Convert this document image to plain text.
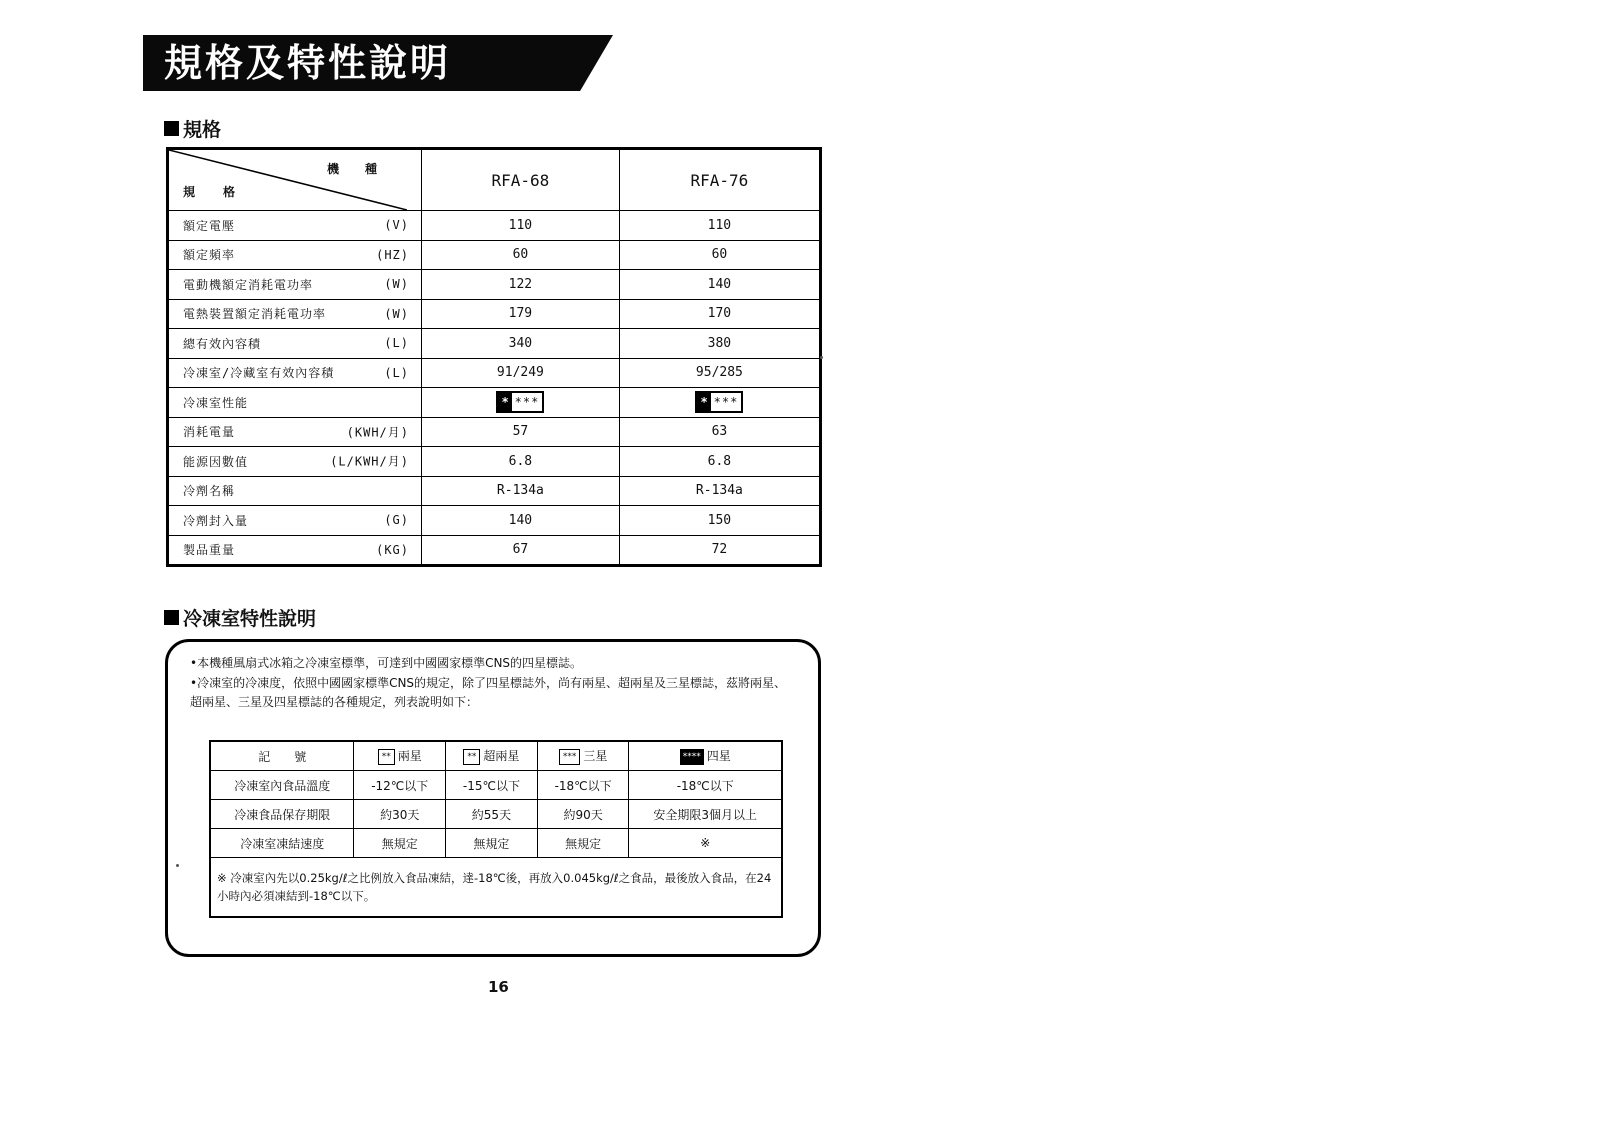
規格及特性說明
規格
機種
規格	RFA-68	RFA-76
額定電壓 (V)	110	110
額定頻率 (HZ)	60	60
電動機額定消耗電功率 (W)	122	140
電熱裝置額定消耗電功率 (W)	179	170
總有效內容積 (L)	340	380
冷凍室/冷藏室有效內容積 (L)	91/249	95/285
冷凍室性能	* ***	* ***

消耗電量 (KWH/月)	57	63
能源因數值 (L/KWH/月)	6.8	6.8
冷劑名稱	R-134a	R-134a
冷劑封入量 (G)	140	150
製品重量 (KG)	67	72
冷凍室特性說明
•本機種風扇式冰箱之冷凍室標準，可達到中國國家標準CNS的四星標誌。
•冷凍室的冷凍度，依照中國國家標準CNS的規定，除了四星標誌外，尚有兩星、超兩星及三星標誌，茲將兩星、超兩星、三星及四星標誌的各種規定，列表說明如下：
記　　號	** 兩星	** 超兩星	*** 三星	**** 四星
冷凍室內食品溫度	-12℃以下	-15℃以下	-18℃以下	-18℃以下
冷凍食品保存期限	約30天	約55天	約90天	安全期限3個月以上
冷凍室凍結速度	無規定	無規定	無規定	※
※ 冷凍室內先以0.25kg/ℓ之比例放入食品凍結，達-18℃後，再放入0.045kg/ℓ之食品，最後放入食品，在24小時內必須凍結到-18℃以下。				
16
